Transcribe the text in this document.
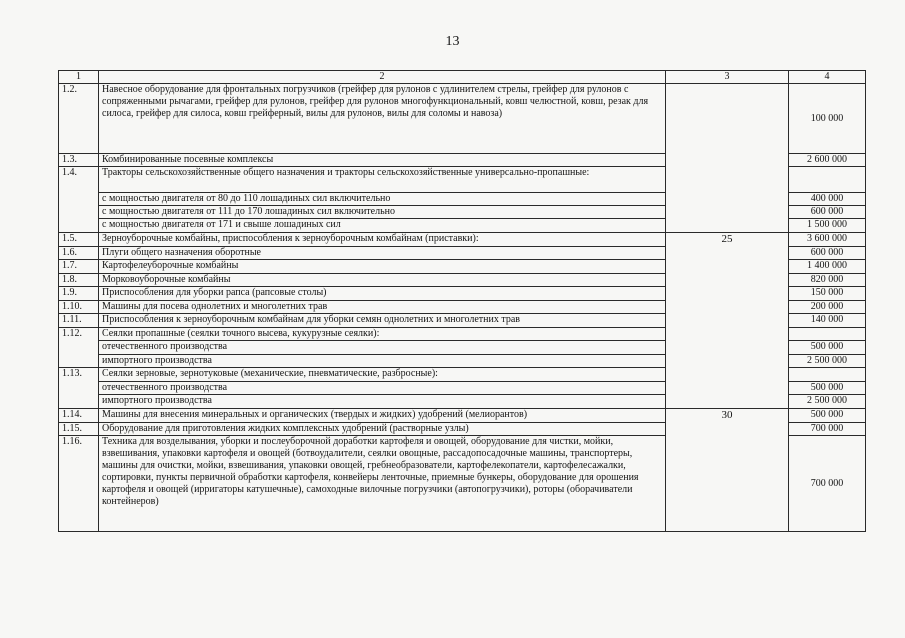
13
1	2	3	4
1.2.	Навесное оборудование для фронтальных погрузчиков (грейфер для рулонов с удлинителем стрелы, грейфер для рулонов с сопряженными рычагами, грейфер для рулонов, грейфер для рулонов многофункциональный, ковш челюстной, ковш, резак для силоса, грейфер для силоса, ковш грейферный, вилы для рулонов, вилы для соломы и навоза)		100 000
1.3.	Комбинированные посевные комплексы		2 600 000
1.4.	Тракторы сельскохозяйственные общего назначения и тракторы сельскохозяйственные универсально-пропашные:		
	с мощностью двигателя от 80 до 110 лошадиных сил включительно		400 000
	с мощностью двигателя от 111 до 170 лошадиных сил включительно		600 000
	с мощностью двигателя от 171 и свыше лошадиных сил		1 500 000
1.5.	Зерноуборочные комбайны, приспособления к зерноуборочным комбайнам (приставки):	25	3 600 000
1.6.	Плуги общего назначения оборотные		600 000
1.7.	Картофелеуборочные комбайны		1 400 000
1.8.	Морковоуборочные комбайны		820 000
1.9.	Приспособления для уборки рапса (рапсовые столы)		150 000
1.10.	Машины для посева однолетних и многолетних трав		200 000
1.11.	Приспособления к зерноуборочным комбайнам для уборки семян однолетних и многолетних трав		140 000
1.12.	Сеялки пропашные (сеялки точного высева, кукурузные сеялки):		
	отечественного производства		500 000
	импортного производства		2 500 000
1.13.	Сеялки зерновые, зернотуковые (механические, пневматические, разбросные):		
	отечественного производства		500 000
	импортного производства		2 500 000
1.14.	Машины для внесения минеральных и органических (твердых и жидких) удобрений (мелиорантов)	30	500 000
1.15.	Оборудование для приготовления жидких комплексных удобрений (растворные узлы)		700 000
1.16.	Техника для возделывания, уборки и послеуборочной доработки картофеля и овощей, оборудование для чистки, мойки, взвешивания, упаковки картофеля и овощей (ботвоудалители, сеялки овощные, рассадопосадочные машины, транспортеры, машины для очистки, мойки, взвешивания, упаковки овощей, гребнеобразователи, картофелекопатели, картофелесажалки, сортировки, пункты первичной обработки картофеля, конвейеры ленточные, приемные бункеры, оборудование для орошения картофеля и овощей (ирригаторы катушечные), самоходные вилочные погрузчики (автопогрузчики), роторы (оборачиватели контейнеров)		700 000
